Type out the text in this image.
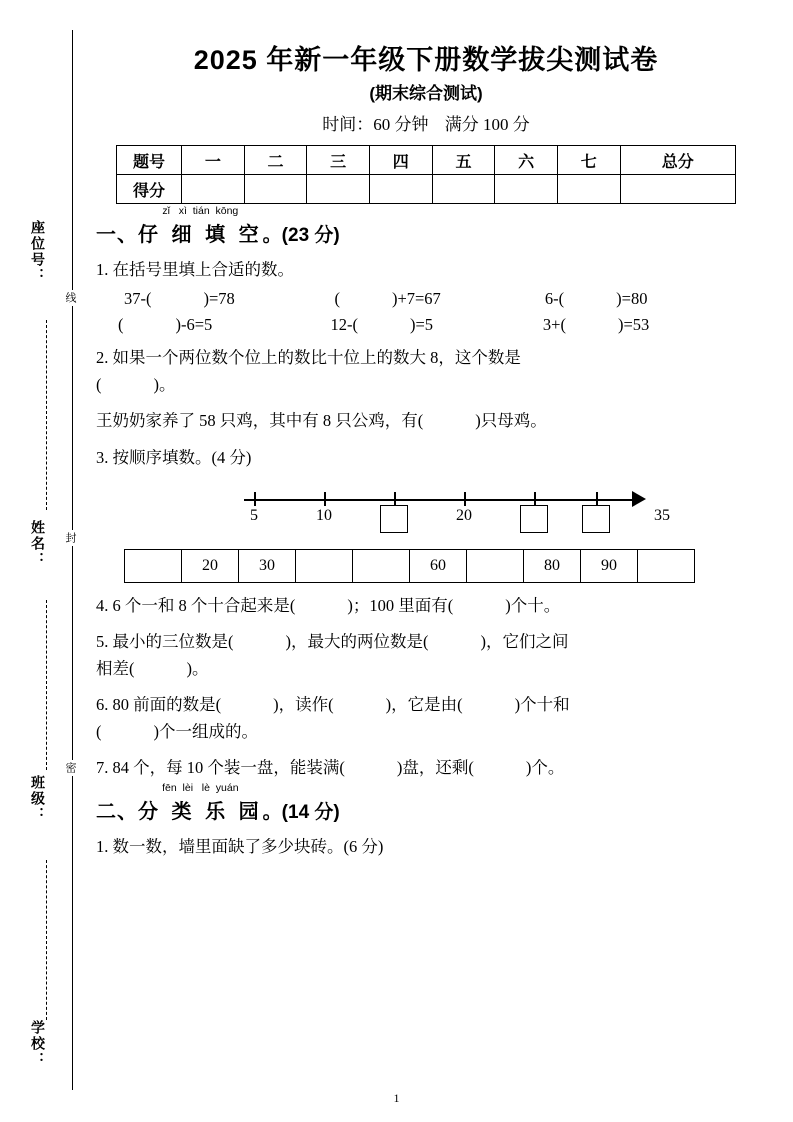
座位号：
姓名：
班级：
学校：
线
封
密
2025 年新一年级下册数学拔尖测试卷
(期末综合测试)
时间：60 分钟 满分 100 分
题号	一	二	三	四	五	六	七	总分
得分								
一、
zǐ   xì  tián  kōng
仔 细 填 空。(23 分)

1. 在括号里填上合适的数。

37-(	)=78	(	)+7=67	6-(	)=80
(	)-6=5	12-(	)=5	3+(	)=53

2. 如果一个两位数个位上的数比十位上的数大 8，这个数是
(	)。

王奶奶家养了 58 只鸡，其中有 8 只公鸡，有(	)只母鸡。

3. 按顺序填数。(4 分)

5	10	20	35
	20	30			60		80	90	

4. 6 个一和 8 个十合起来是(	)；100 里面有(	)个十。

5. 最小的三位数是(	)，最大的两位数是(	)，它们之间
相差(	)。

6. 80 前面的数是(	)，读作(	)，它是由(	)个十和
(	)个一组成的。

7. 84 个，每 10 个装一盘，能装满(	)盘，还剩(	)个。

二、
fēn  lèi   lè  yuán
分 类 乐 园。(14 分)

1. 数一数，墙里面缺了多少块砖。(6 分)

1
